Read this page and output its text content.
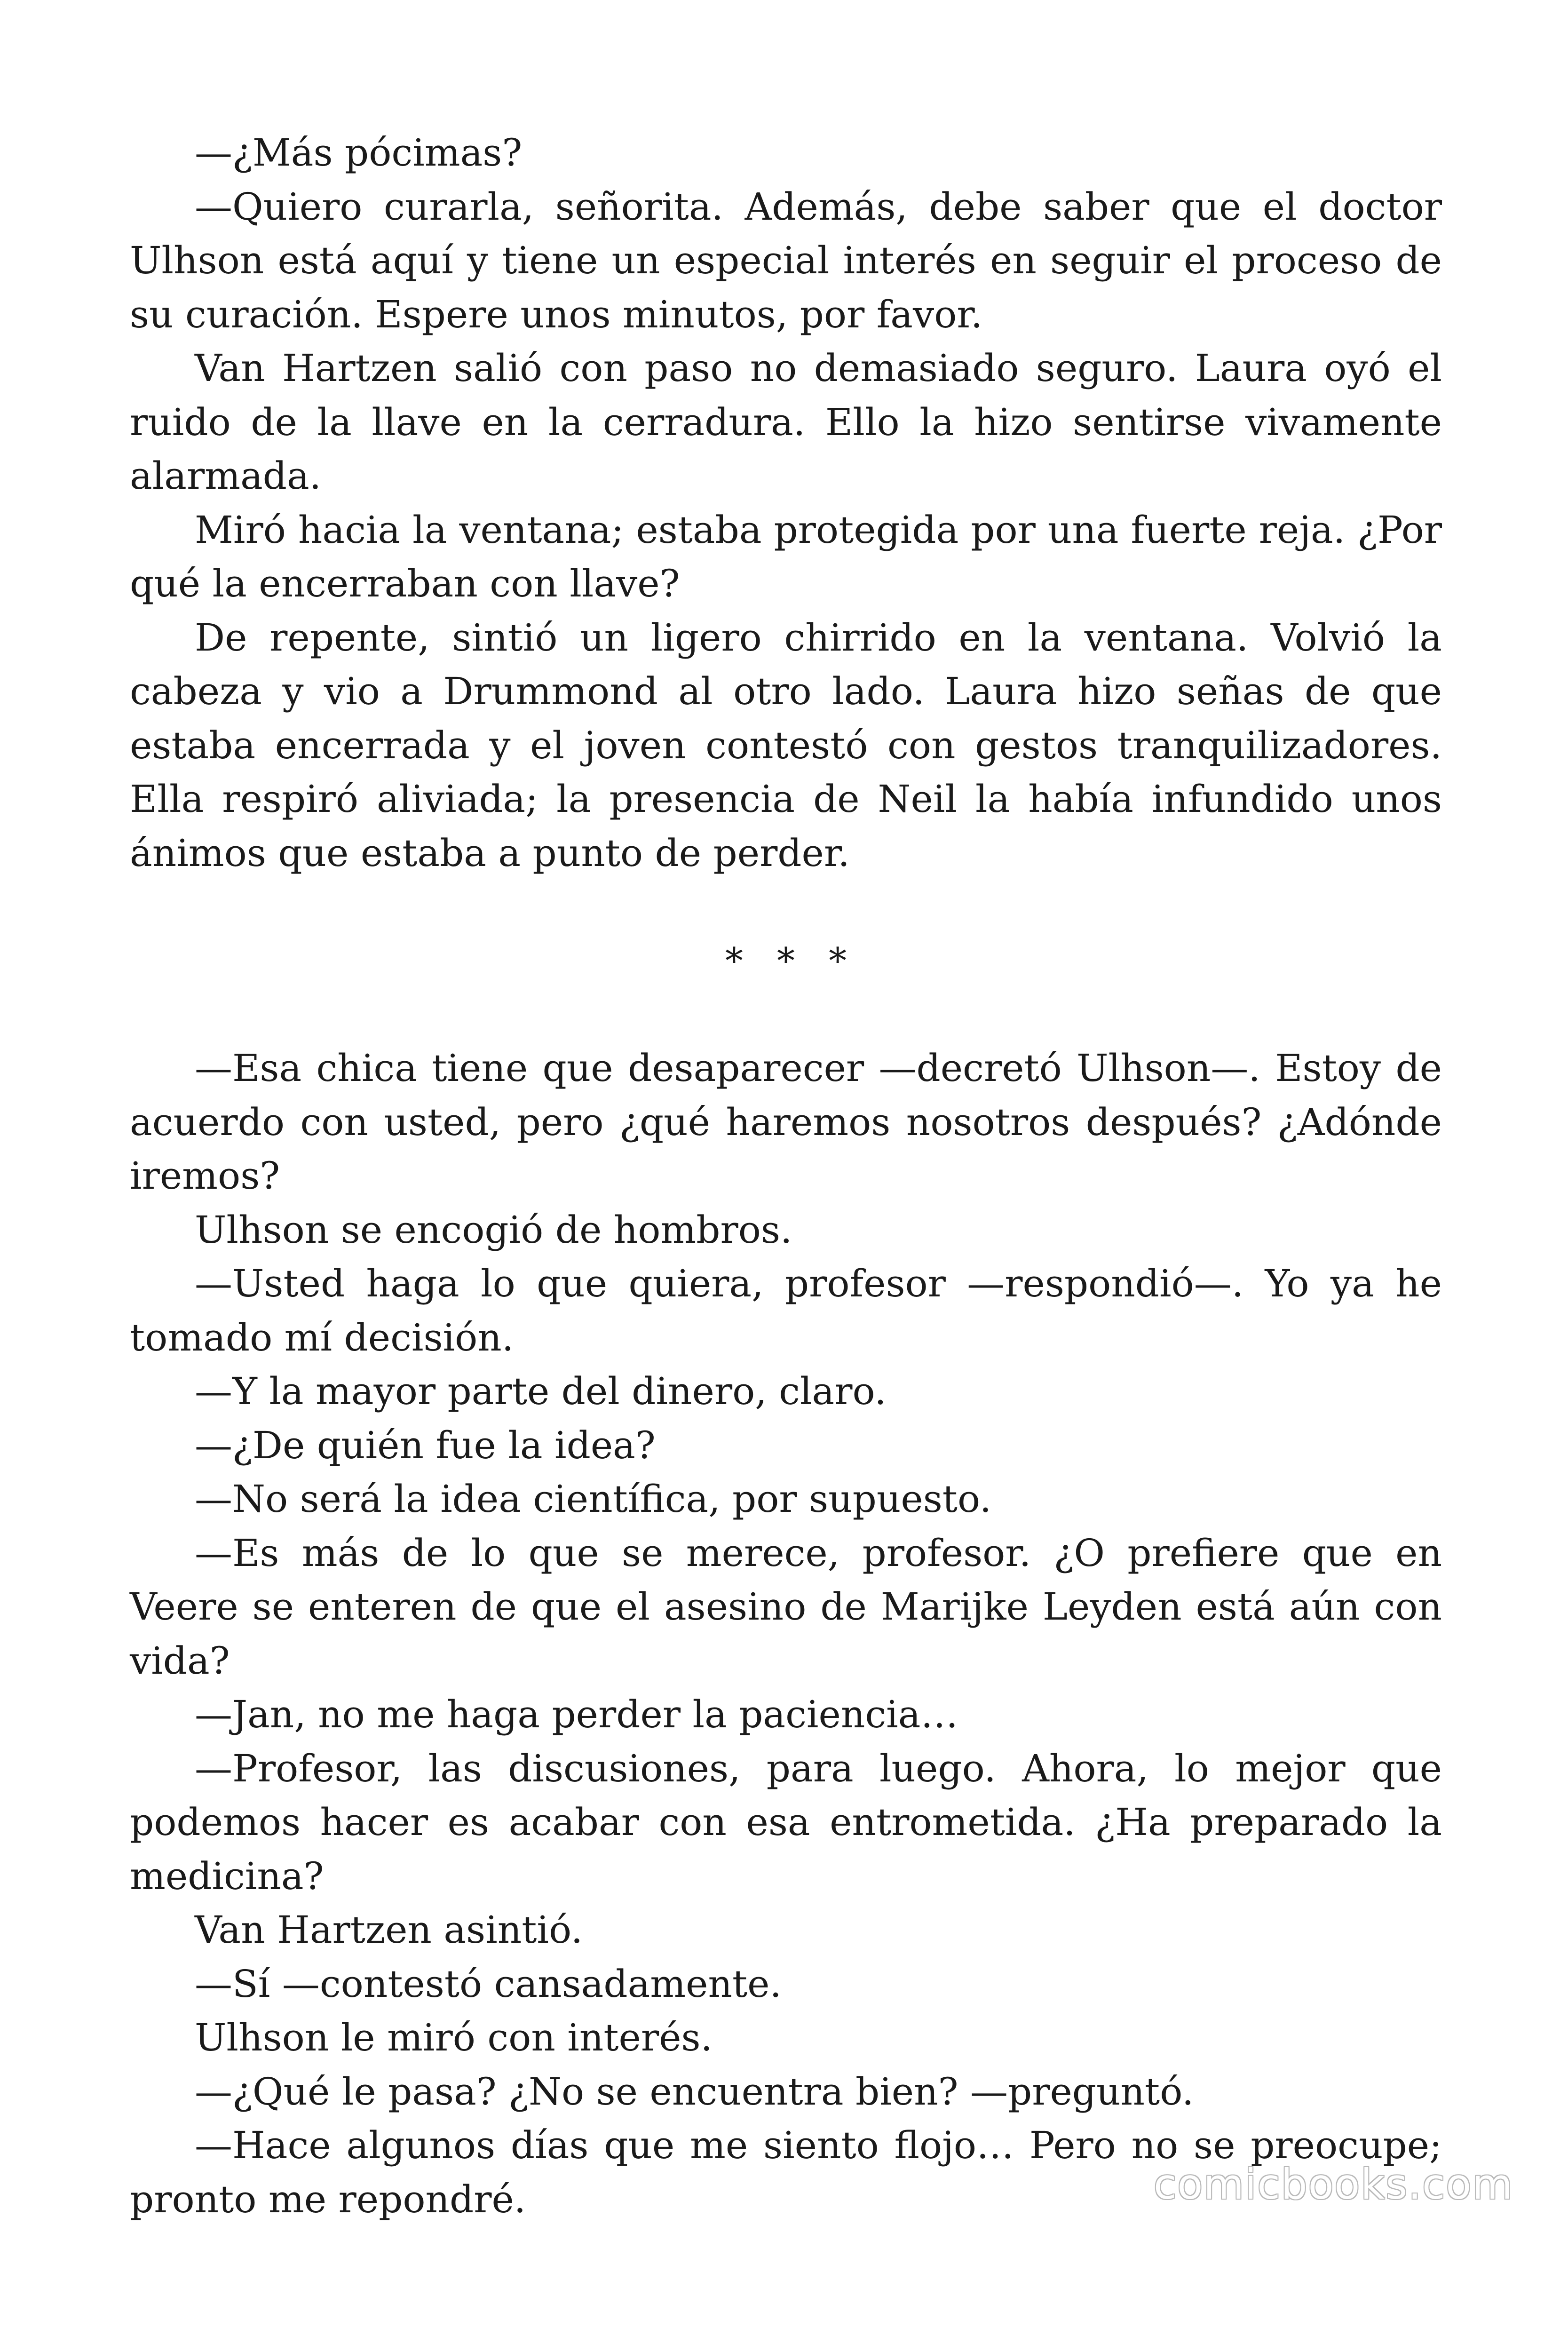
—¿Más pócimas?

—Quiero curarla, señorita. Además, debe saber que el doctor Ulhson está aquí y tiene un especial interés en seguir el proceso de su curación. Espere unos minutos, por favor.

Van Hartzen salió con paso no demasiado seguro. Laura oyó el ruido de la llave en la cerradura. Ello la hizo sentirse vivamente alarmada.

Miró hacia la ventana; estaba protegida por una fuerte reja. ¿Por qué la encerraban con llave?

De repente, sintió un ligero chirrido en la ventana. Volvió la cabeza y vio a Drummond al otro lado. Laura hizo señas de que estaba encerrada y el joven contestó con gestos tranquilizadores. Ella respiró aliviada; la presencia de Neil la había infundido unos ánimos que estaba a punto de perder.

* * *

—Esa chica tiene que desaparecer —decretó Ulhson—. Estoy de acuerdo con usted, pero ¿qué haremos nosotros después? ¿Adónde iremos?

Ulhson se encogió de hombros.

—Usted haga lo que quiera, profesor —respondió—. Yo ya he tomado mí decisión.

—Y la mayor parte del dinero, claro.

—¿De quién fue la idea?

—No será la idea científica, por supuesto.

—Es más de lo que se merece, profesor. ¿O prefiere que en Veere se enteren de que el asesino de Marijke Leyden está aún con vida?

—Jan, no me haga perder la paciencia…

—Profesor, las discusiones, para luego. Ahora, lo mejor que podemos hacer es acabar con esa entrometida. ¿Ha preparado la medicina?

Van Hartzen asintió.

—Sí —contestó cansadamente.

Ulhson le miró con interés.

—¿Qué le pasa? ¿No se encuentra bien? —preguntó.

—Hace algunos días que me siento flojo… Pero no se preocupe; pronto me repondré.	comicbooks.com
